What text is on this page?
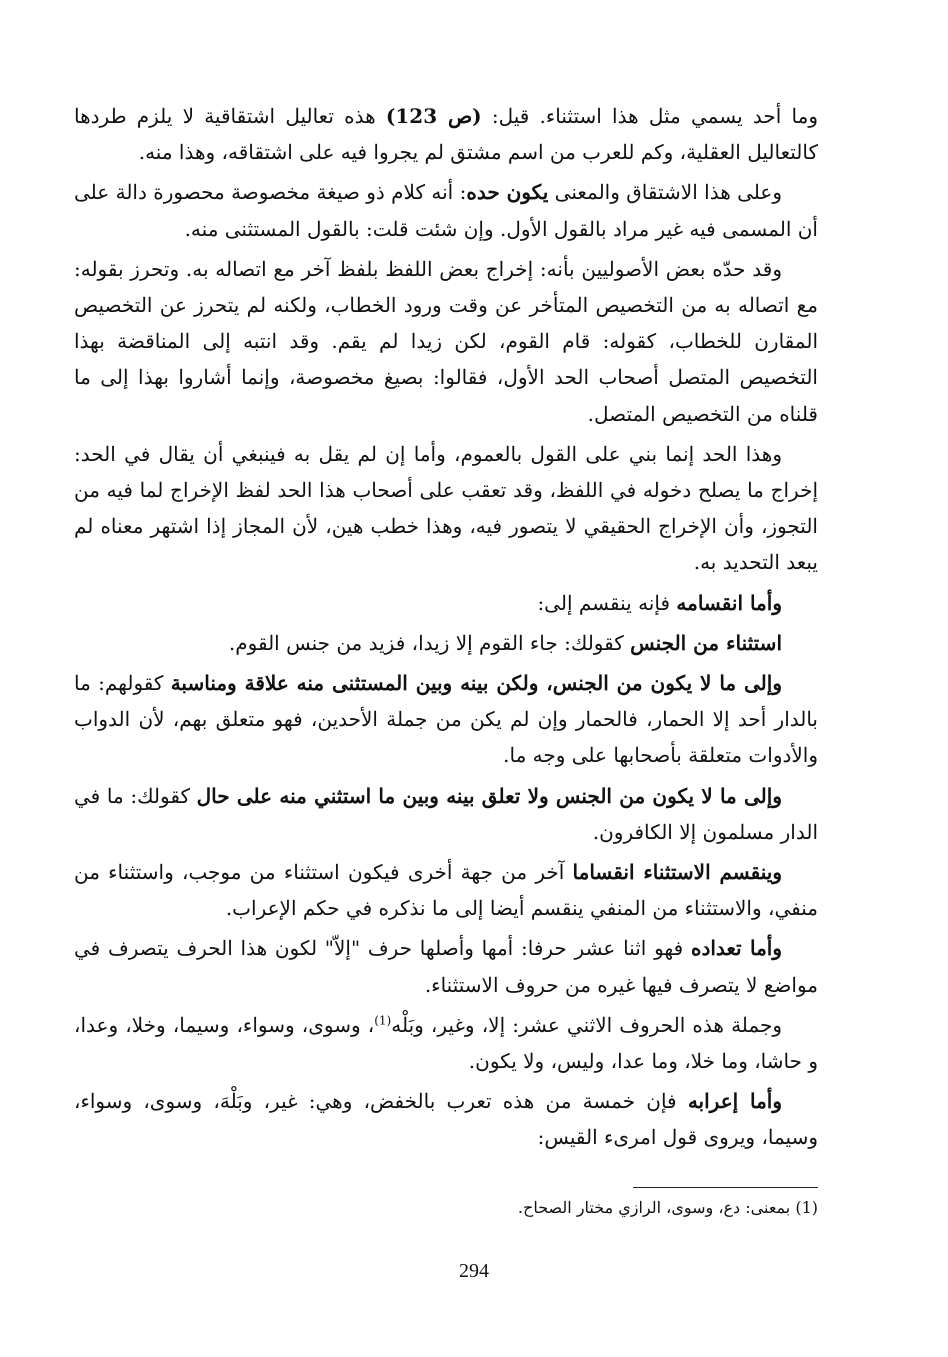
وما أحد يسمي مثل هذا استثناء. قيل: (ص 123) هذه تعاليل اشتقاقية لا يلزم طردها كالتعاليل العقلية، وكم للعرب من اسم مشتق لم يجروا فيه على اشتقاقه، وهذا منه.

وعلى هذا الاشتقاق والمعنى يكون حده: أنه كلام ذو صيغة مخصوصة محصورة دالة على أن المسمى فيه غير مراد بالقول الأول. وإن شئت قلت: بالقول المستثنى منه.

وقد حدّه بعض الأصوليين بأنه: إخراج بعض اللفظ بلفظ آخر مع اتصاله به. وتحرز بقوله: مع اتصاله به من التخصيص المتأخر عن وقت ورود الخطاب، ولكنه لم يتحرز عن التخصيص المقارن للخطاب، كقوله: قام القوم، لكن زيدا لم يقم. وقد انتبه إلى المناقضة بهذا التخصيص المتصل أصحاب الحد الأول، فقالوا: بصيغ مخصوصة، وإنما أشاروا بهذا إلى ما قلناه من التخصيص المتصل.

وهذا الحد إنما بني على القول بالعموم، وأما إن لم يقل به فينبغي أن يقال في الحد: إخراج ما يصلح دخوله في اللفظ، وقد تعقب على أصحاب هذا الحد لفظ الإخراج لما فيه من التجوز، وأن الإخراج الحقيقي لا يتصور فيه، وهذا خطب هين، لأن المجاز إذا اشتهر معناه لم يبعد التحديد به.

وأما انقسامه فإنه ينقسم إلى:

استثناء من الجنس كقولك: جاء القوم إلا زيدا، فزيد من جنس القوم.

وإلى ما لا يكون من الجنس، ولكن بينه وبين المستثنى منه علاقة ومناسبة كقولهم: ما بالدار أحد إلا الحمار، فالحمار وإن لم يكن من جملة الأحدين، فهو متعلق بهم، لأن الدواب والأدوات متعلقة بأصحابها على وجه ما.

وإلى ما لا يكون من الجنس ولا تعلق بينه وبين ما استثني منه على حال كقولك: ما في الدار مسلمون إلا الكافرون.

وينقسم الاستثناء انقساما آخر من جهة أخرى فيكون استثناء من موجب، واستثناء من منفي، والاستثناء من المنفي ينقسم أيضا إلى ما نذكره في حكم الإعراب.

وأما تعداده فهو اثنا عشر حرفا: أمها وأصلها حرف "إلاّ" لكون هذا الحرف يتصرف في مواضع لا يتصرف فيها غيره من حروف الاستثناء.

وجملة هذه الحروف الاثني عشر: إلا، وغير، وبَلْه$^{(1)}$، وسوى، وسواء، وسيما، وخلا، وعدا، و حاشا، وما خلا، وما عدا، وليس، ولا يكون.

وأما إعرابه فإن خمسة من هذه تعرب بالخفض، وهي: غير، وبَلْهَ، وسوى، وسواء، وسيما، ويروى قول امرىء القيس:

(1) بمعنى: دع، وسوى، الرازي مختار الصحاح.
294
